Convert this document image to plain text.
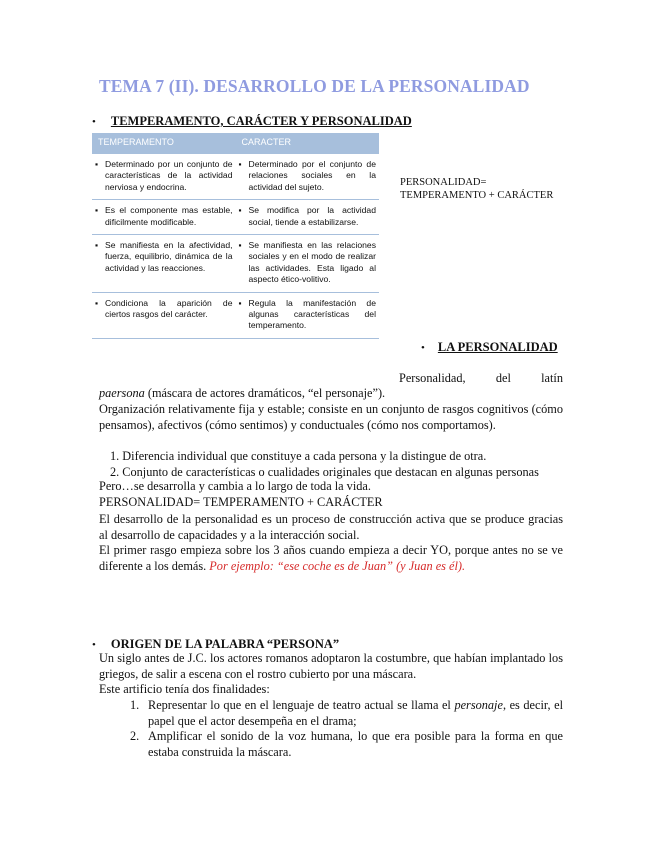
TEMA 7 (II). DESARROLLO DE LA PERSONALIDAD
• TEMPERAMENTO, CARÁCTER Y PERSONALIDAD
TEMPERAMENTO	CARACTER

▪ Determinado por un conjunto de características de la actividad nerviosa y endocrina.	▪ Determinado por el conjunto de relaciones sociales en la actividad del sujeto.

▪ Es el componente mas estable, dificilmente modificable.	▪ Se modifica por la actividad social, tiende a estabilizarse.

▪ Se manifiesta en la afectividad, fuerza, equilibrio, dinámica de la actividad y las reacciones.	▪ Se manifiesta en las relaciones sociales y en el modo de realizar las actividades. Esta ligado al aspecto ético-volitivo.

▪ Condiciona la aparición de ciertos rasgos del carácter.	▪ Regula la manifestación de algunas características del temperamento.
PERSONALIDAD=
TEMPERAMENTO + CARÁCTER
• LA PERSONALIDAD
Personalidad, del latín
paersona (máscara de actores dramáticos, “el personaje”).
Organización relativamente fija y estable; consiste en un conjunto de rasgos cognitivos (cómo pensamos), afectivos (cómo sentimos) y conductuales (cómo nos comportamos).
1. Diferencia individual que constituye a cada persona y la distingue de otra.
2. Conjunto de características o cualidades originales que destacan en algunas personas
Pero…se desarrolla y cambia a lo largo de toda la vida.
PERSONALIDAD= TEMPERAMENTO + CARÁCTER
El desarrollo de la personalidad es un proceso de construcción activa que se produce gracias al desarrollo de capacidades y a la interacción social.
El primer rasgo empieza sobre los 3 años cuando empieza a decir YO, porque antes no se ve diferente a los demás. Por ejemplo: “ese coche es de Juan” (y Juan es él).
• ORIGEN DE LA PALABRA “PERSONA”
Un siglo antes de J.C. los actores romanos adoptaron la costumbre, que habían implantado los griegos, de salir a escena con el rostro cubierto por una máscara.
Este artificio tenía dos finalidades:
1. Representar lo que en el lenguaje de teatro actual se llama el personaje, es decir, el papel que el actor desempeña en el drama;
2. Amplificar el sonido de la voz humana, lo que era posible para la forma en que estaba construida la máscara.
